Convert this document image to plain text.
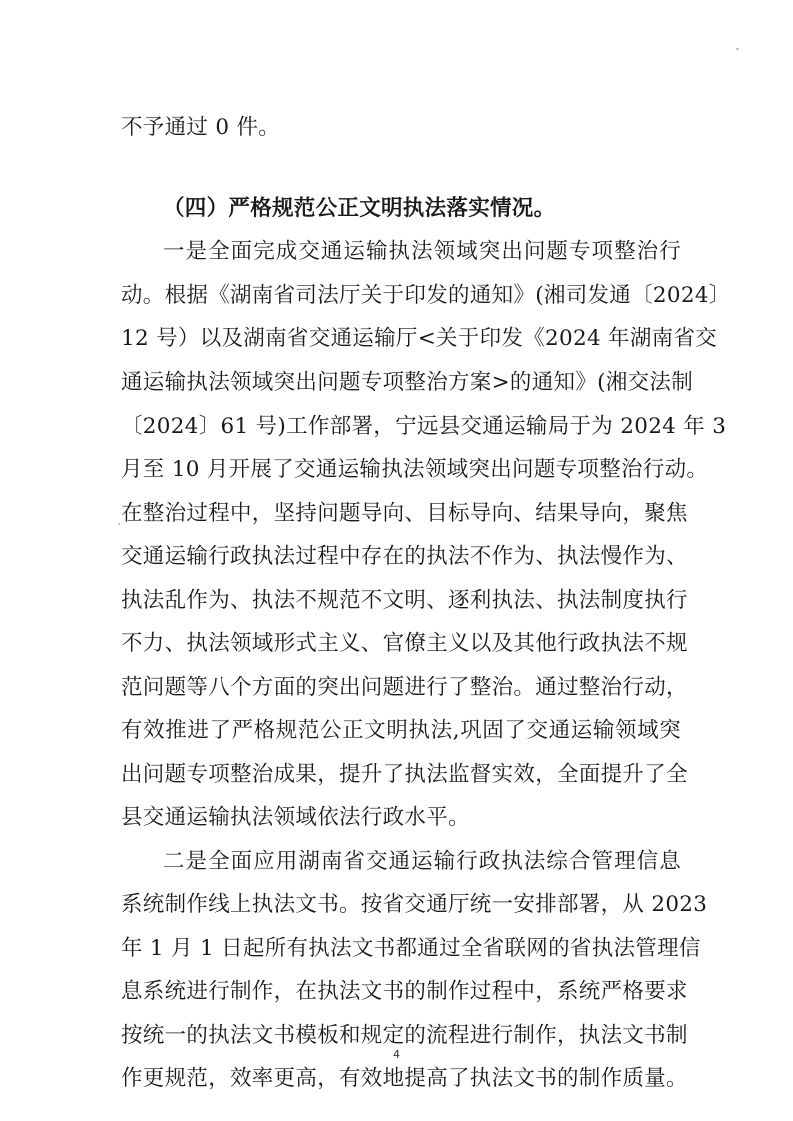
不予通过 0 件。
（四）严格规范公正文明执法落实情况。
一是全面完成交通运输执法领域突出问题专项整治行
动。根据《湖南省司法厅关于印发的通知》(湘司发通〔2024〕
12 号）以及湖南省交通运输厅<关于印发《2024 年湖南省交
通运输执法领域突出问题专项整治方案>的通知》(湘交法制
〔2024〕61 号)工作部署，宁远县交通运输局于为 2024 年 3
月至 10 月开展了交通运输执法领域突出问题专项整治行动。
在整治过程中，坚持问题导向、目标导向、结果导向，聚焦
交通运输行政执法过程中存在的执法不作为、执法慢作为、
执法乱作为、执法不规范不文明、逐利执法、执法制度执行
不力、执法领域形式主义、官僚主义以及其他行政执法不规
范问题等八个方面的突出问题进行了整治。通过整治行动，
有效推进了严格规范公正文明执法,巩固了交通运输领域突
出问题专项整治成果，提升了执法监督实效，全面提升了全
县交通运输执法领域依法行政水平。
二是全面应用湖南省交通运输行政执法综合管理信息
系统制作线上执法文书。按省交通厅统一安排部署，从 2023
年 1 月 1 日起所有执法文书都通过全省联网的省执法管理信
息系统进行制作，在执法文书的制作过程中，系统严格要求
按统一的执法文书模板和规定的流程进行制作，执法文书制
作更规范，效率更高，有效地提高了执法文书的制作质量。
4
